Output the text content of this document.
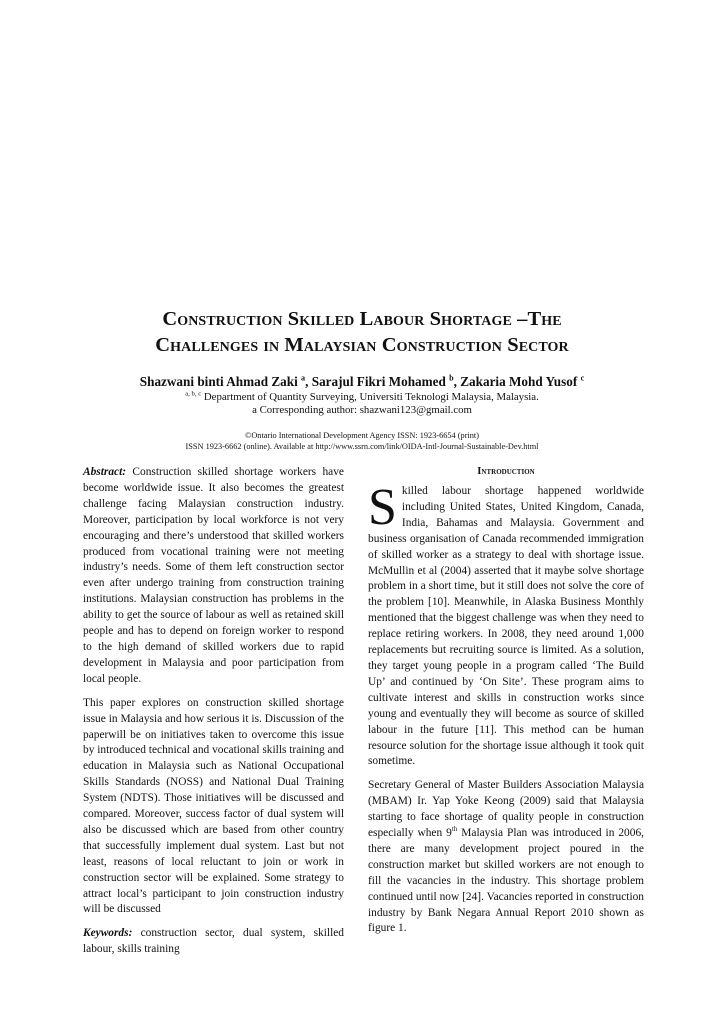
Construction Skilled Labour Shortage –The
Challenges in Malaysian Construction Sector
Shazwani binti Ahmad Zaki $^a$, Sarajul Fikri Mohamed $^b$, Zakaria Mohd Yusof $^c$
$^{a, b, c}$ Department of Quantity Surveying, Universiti Teknologi Malaysia, Malaysia.
a Corresponding author: shazwani123@gmail.com
©Ontario International Development Agency ISSN: 1923-6654 (print)
ISSN 1923-6662 (online). Available at http://www.ssrn.com/link/OIDA-Intl-Journal-Sustainable-Dev.html

Abstract: Construction skilled shortage workers have become worldwide issue. It also becomes the greatest challenge facing Malaysian construction industry. Moreover, participation by local workforce is not very encouraging and there’s understood that skilled workers produced from vocational training were not meeting industry’s needs. Some of them left construction sector even after undergo training from construction training institutions. Malaysian construction has problems in the ability to get the source of labour as well as retained skill people and has to depend on foreign worker to respond to the high demand of skilled workers due to rapid development in Malaysia and poor participation from local people.

This paper explores on construction skilled shortage issue in Malaysia and how serious it is. Discussion of the paperwill be on initiatives taken to overcome this issue by introduced technical and vocational skills training and education in Malaysia such as National Occupational Skills Standards (NOSS) and National Dual Training System (NDTS). Those initiatives will be discussed and compared. Moreover, success factor of dual system will also be discussed which are based from other country that successfully implement dual system. Last but not least, reasons of local reluctant to join or work in construction sector will be explained. Some strategy to attract local’s participant to join construction industry will be discussed

Keywords: construction sector, dual system, skilled labour, skills training

Introduction

Skilled labour shortage happened worldwide including United States, United Kingdom, Canada, India, Bahamas and Malaysia. Government and business organisation of Canada recommended immigration of skilled worker as a strategy to deal with shortage issue. McMullin et al (2004) asserted that it maybe solve shortage problem in a short time, but it still does not solve the core of the problem [10]. Meanwhile, in Alaska Business Monthly mentioned that the biggest challenge was when they need to replace retiring workers. In 2008, they need around 1,000 replacements but recruiting source is limited. As a solution, they target young people in a program called ‘The Build Up’ and continued by ‘On Site’. These program aims to cultivate interest and skills in construction works since young and eventually they will become as source of skilled labour in the future [11]. This method can be human resource solution for the shortage issue although it took quit sometime.

Secretary General of Master Builders Association Malaysia (MBAM) Ir. Yap Yoke Keong (2009) said that Malaysia starting to face shortage of quality people in construction especially when 9th Malaysia Plan was introduced in 2006, there are many development project poured in the construction market but skilled workers are not enough to fill the vacancies in the industry. This shortage problem continued until now [24]. Vacancies reported in construction industry by Bank Negara Annual Report 2010 shown as figure 1.
